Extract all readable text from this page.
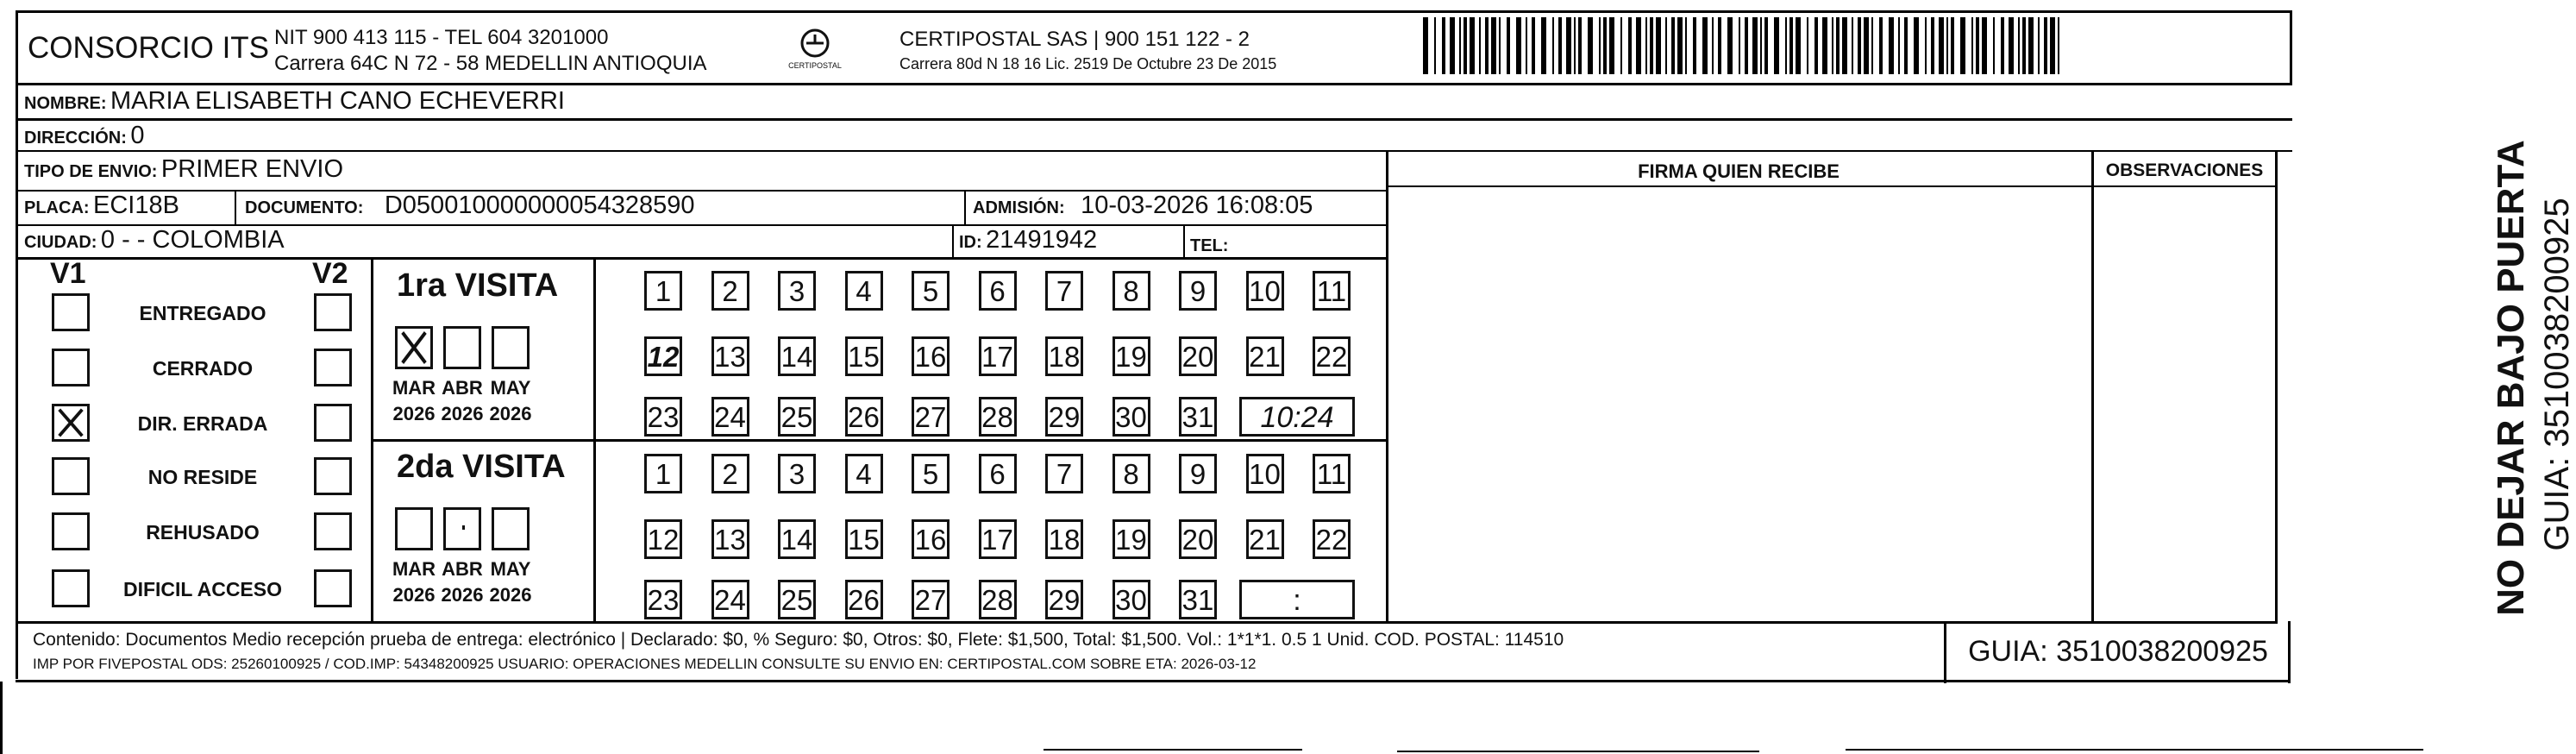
CONSORCIO ITS NIT 900 413 115 - TEL 604 3201000
Carrera 64C N 72 - 58 MEDELLIN ANTIOQUIA	CERTIPOSTAL
CERTIPOSTAL SAS | 900 151 122 - 2
Carrera 80d N 18 16 Lic. 2519 De Octubre 23 De 2015
NOMBRE: MARIA ELISABETH CANO ECHEVERRI
DIRECCIÓN: 0
TIPO DE ENVIO: PRIMER ENVIO
PLACA: ECI18B	DOCUMENTO: D050010000000054328590	ADMISIÓN: 10-03-2026 16:08:05
CIUDAD: 0 - - COLOMBIA	ID: 21491942	TEL:
FIRMA QUIEN RECIBE	OBSERVACIONES
V1	V2 1ra VISITA
2da VISITA
Contenido: Documentos Medio recepción prueba de entrega: electrónico | Declarado: $0, % Seguro: $0, Otros: $0, Flete: $1,500, Total: $1,500. Vol.: 1*1*1. 0.5 1 Unid. COD. POSTAL: 114510
IMP POR FIVEPOSTAL ODS: 25260100925 / COD.IMP: 54348200925 USUARIO: OPERACIONES MEDELLIN CONSULTE SU ENVIO EN: CERTIPOSTAL.COM SOBRE ETA: 2026-03-12	GUIA: 3510038200925
NO DEJAR BAJO PUERTA GUIA: 3510038200925
ENTREGADO
CERRADO
DIR. ERRADA
NO RESIDE
REHUSADO
DIFICIL ACCESO
MAR
2026
ABR
2026
MAY
2026
MAR
2026
ABR
2026
MAY
2026
1	2	3	4	5	6	7	8	9	10 11
12 13 14 15 16 17 18 19 20 21 22
23 24 25 26 27 28 29 30 31	10:24
1	2	3	4	5	6	7	8	9	10 11
12 13 14 15 16 17 18 19 20 21 22
23 24 25 26 27 28 29 30 31	:
